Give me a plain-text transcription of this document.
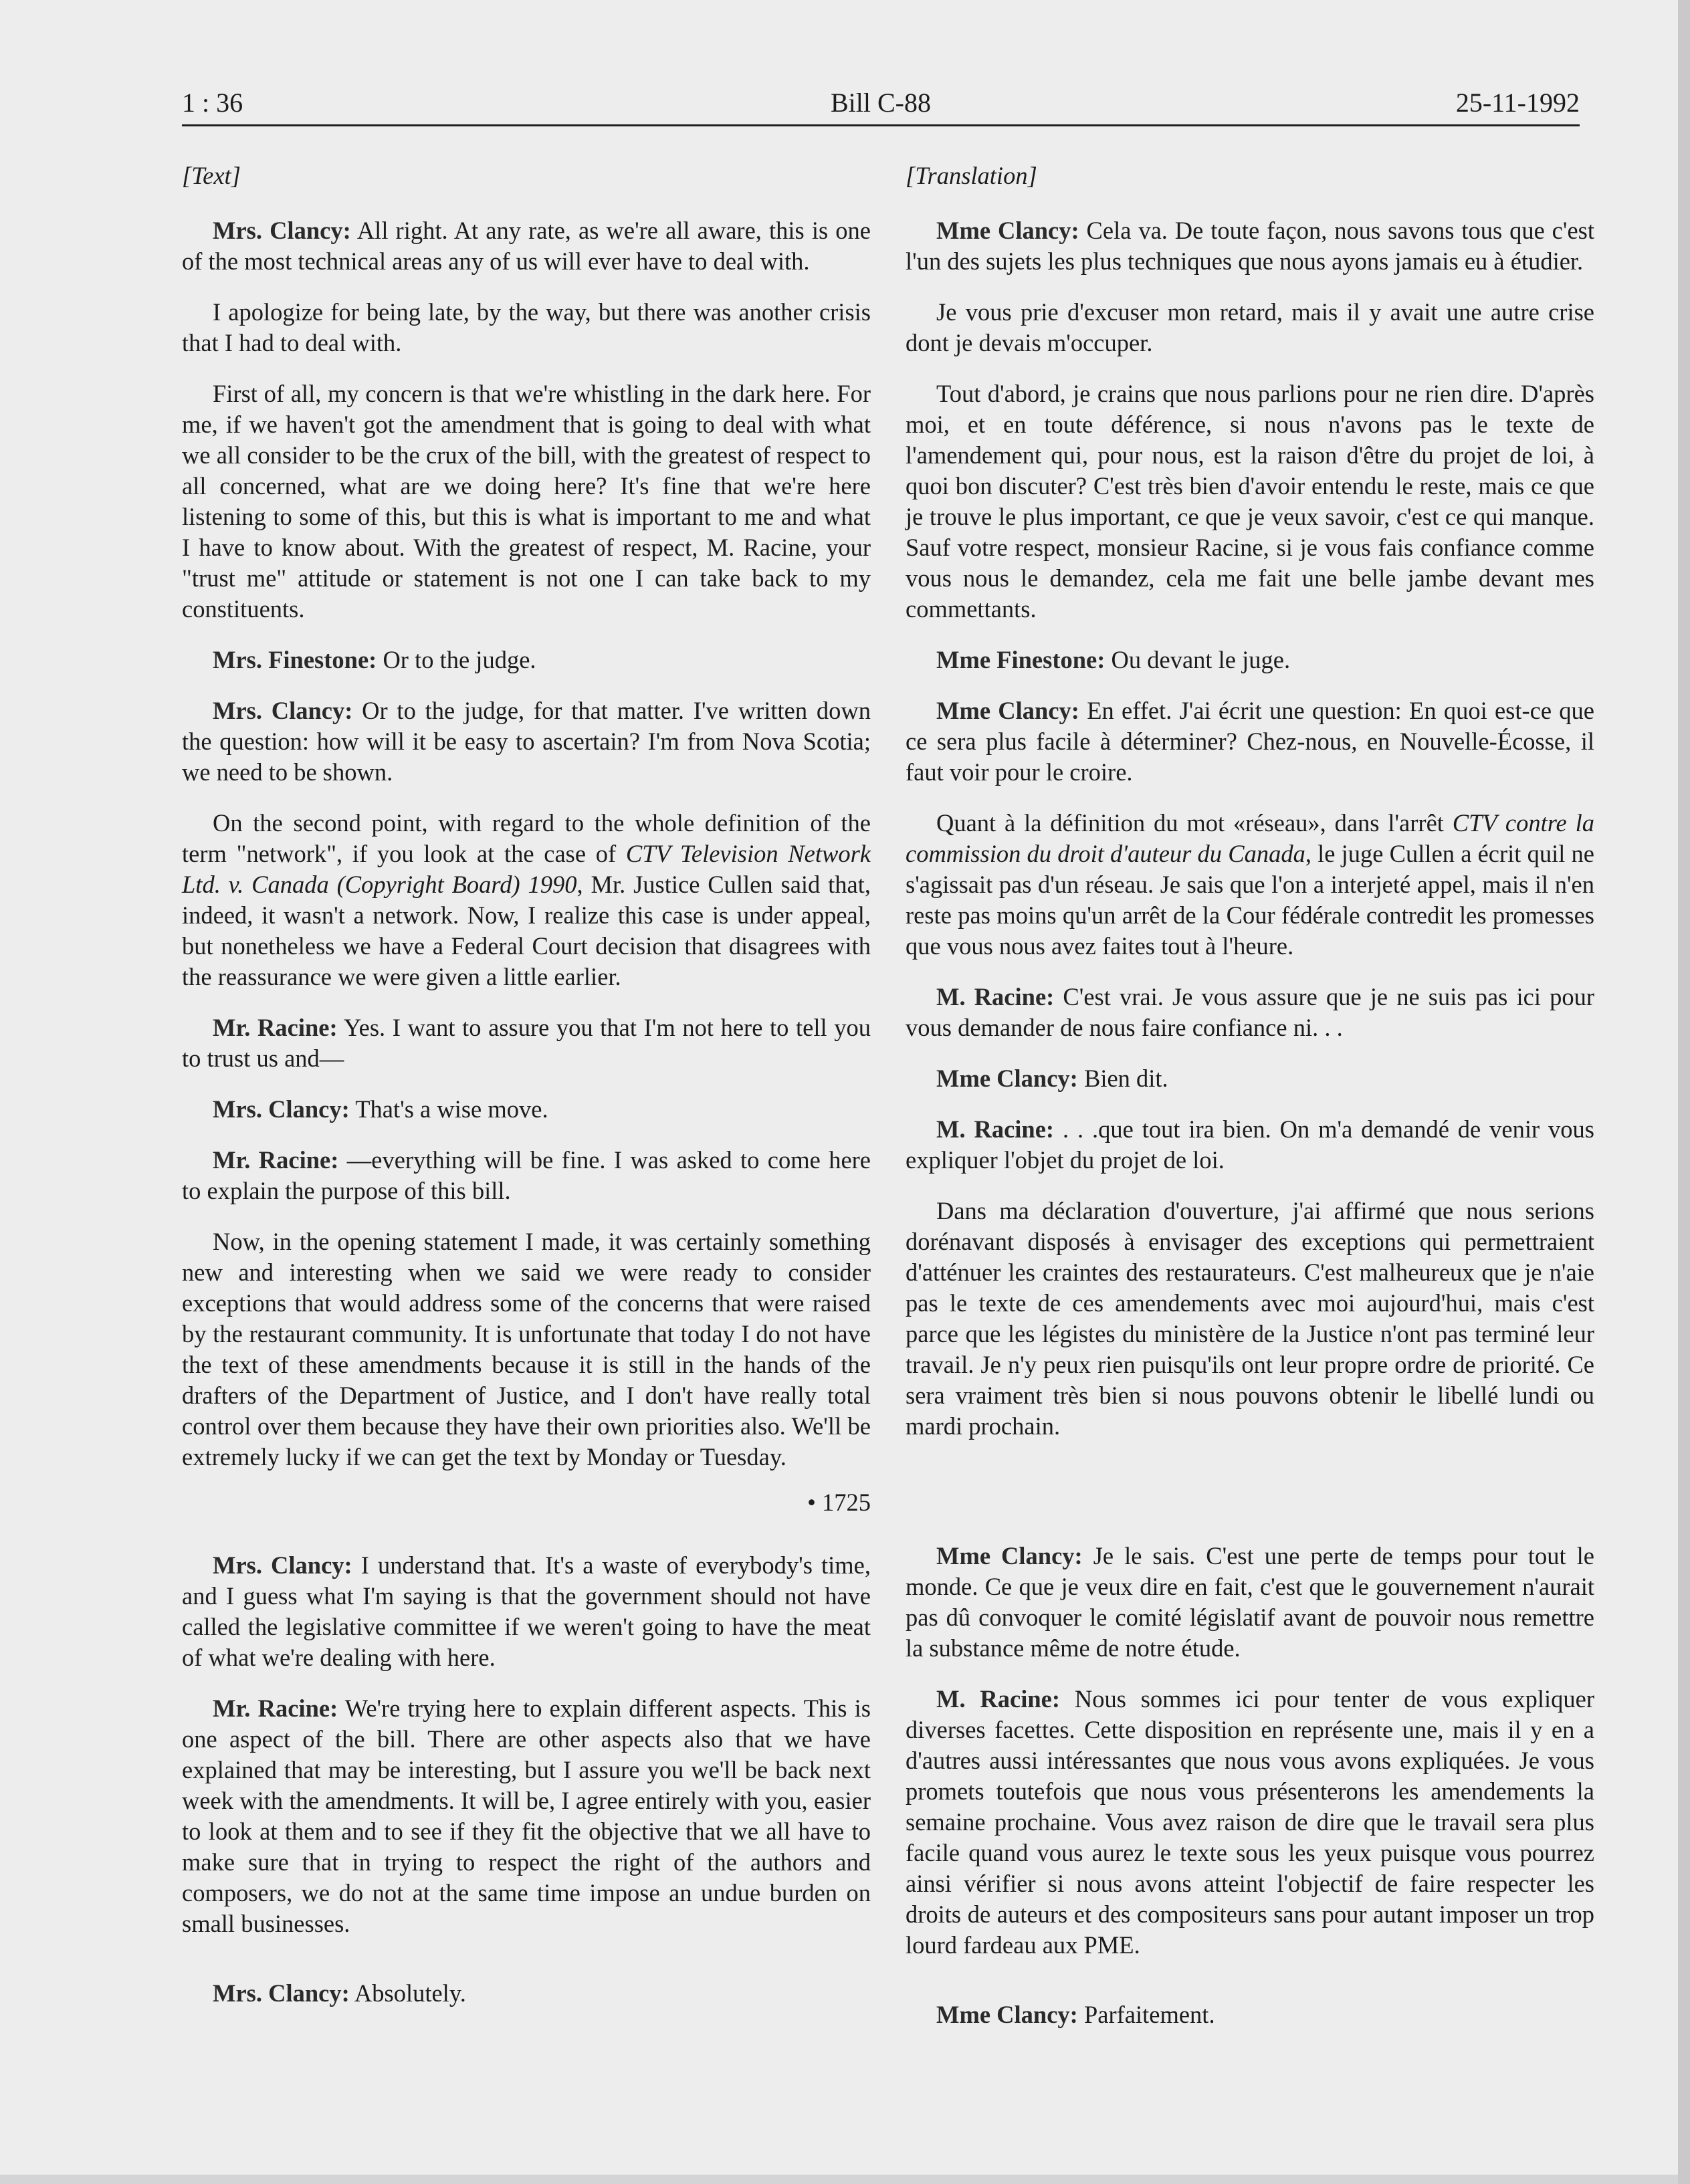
1 : 36	Bill C-88	25-11-1992

[Text]

Mrs. Clancy: All right. At any rate, as we're all aware, this is one of the most technical areas any of us will ever have to deal with.

I apologize for being late, by the way, but there was another crisis that I had to deal with.

First of all, my concern is that we're whistling in the dark here. For me, if we haven't got the amendment that is going to deal with what we all consider to be the crux of the bill, with the greatest of respect to all concerned, what are we doing here? It's fine that we're here listening to some of this, but this is what is important to me and what I have to know about. With the greatest of respect, M. Racine, your "trust me" attitude or statement is not one I can take back to my constituents.

Mrs. Finestone: Or to the judge.

Mrs. Clancy: Or to the judge, for that matter. I've written down the question: how will it be easy to ascertain? I'm from Nova Scotia; we need to be shown.

On the second point, with regard to the whole definition of the term "network", if you look at the case of CTV Television Network Ltd. v. Canada (Copyright Board) 1990, Mr. Justice Cullen said that, indeed, it wasn't a network. Now, I realize this case is under appeal, but nonetheless we have a Federal Court decision that disagrees with the reassurance we were given a little earlier.

Mr. Racine: Yes. I want to assure you that I'm not here to tell you to trust us and—

Mrs. Clancy: That's a wise move.

Mr. Racine: —everything will be fine. I was asked to come here to explain the purpose of this bill.

Now, in the opening statement I made, it was certainly something new and interesting when we said we were ready to consider exceptions that would address some of the concerns that were raised by the restaurant community. It is unfortunate that today I do not have the text of these amendments because it is still in the hands of the drafters of the Department of Justice, and I don't have really total control over them because they have their own priorities also. We'll be extremely lucky if we can get the text by Monday or Tuesday.

• 1725

Mrs. Clancy: I understand that. It's a waste of everybody's time, and I guess what I'm saying is that the government should not have called the legislative committee if we weren't going to have the meat of what we're dealing with here.

Mr. Racine: We're trying here to explain different aspects. This is one aspect of the bill. There are other aspects also that we have explained that may be interesting, but I assure you we'll be back next week with the amendments. It will be, I agree entirely with you, easier to look at them and to see if they fit the objective that we all have to make sure that in trying to respect the right of the authors and composers, we do not at the same time impose an undue burden on small businesses.

Mrs. Clancy: Absolutely.

[Translation]

Mme Clancy: Cela va. De toute façon, nous savons tous que c'est l'un des sujets les plus techniques que nous ayons jamais eu à étudier.

Je vous prie d'excuser mon retard, mais il y avait une autre crise dont je devais m'occuper.

Tout d'abord, je crains que nous parlions pour ne rien dire. D'après moi, et en toute déférence, si nous n'avons pas le texte de l'amendement qui, pour nous, est la raison d'être du projet de loi, à quoi bon discuter? C'est très bien d'avoir entendu le reste, mais ce que je trouve le plus important, ce que je veux savoir, c'est ce qui manque. Sauf votre respect, monsieur Racine, si je vous fais confiance comme vous nous le demandez, cela me fait une belle jambe devant mes commettants.

Mme Finestone: Ou devant le juge.

Mme Clancy: En effet. J'ai écrit une question: En quoi est-ce que ce sera plus facile à déterminer? Chez-nous, en Nouvelle-Écosse, il faut voir pour le croire.

Quant à la définition du mot «réseau», dans l'arrêt CTV contre la commission du droit d'auteur du Canada, le juge Cullen a écrit quil ne s'agissait pas d'un réseau. Je sais que l'on a interjeté appel, mais il n'en reste pas moins qu'un arrêt de la Cour fédérale contredit les promesses que vous nous avez faites tout à l'heure.

M. Racine: C'est vrai. Je vous assure que je ne suis pas ici pour vous demander de nous faire confiance ni. . .

Mme Clancy: Bien dit.

M. Racine: . . .que tout ira bien. On m'a demandé de venir vous expliquer l'objet du projet de loi.

Dans ma déclaration d'ouverture, j'ai affirmé que nous serions dorénavant disposés à envisager des exceptions qui permettraient d'atténuer les craintes des restaurateurs. C'est malheureux que je n'aie pas le texte de ces amendements avec moi aujourd'hui, mais c'est parce que les légistes du ministère de la Justice n'ont pas terminé leur travail. Je n'y peux rien puisqu'ils ont leur propre ordre de priorité. Ce sera vraiment très bien si nous pouvons obtenir le libellé lundi ou mardi prochain.

Mme Clancy: Je le sais. C'est une perte de temps pour tout le monde. Ce que je veux dire en fait, c'est que le gouvernement n'aurait pas dû convoquer le comité législatif avant de pouvoir nous remettre la substance même de notre étude.

M. Racine: Nous sommes ici pour tenter de vous expliquer diverses facettes. Cette disposition en représente une, mais il y en a d'autres aussi intéressantes que nous vous avons expliquées. Je vous promets toutefois que nous vous présenterons les amendements la semaine prochaine. Vous avez raison de dire que le travail sera plus facile quand vous aurez le texte sous les yeux puisque vous pourrez ainsi vérifier si nous avons atteint l'objectif de faire respecter les droits de auteurs et des compositeurs sans pour autant imposer un trop lourd fardeau aux PME.

Mme Clancy: Parfaitement.
